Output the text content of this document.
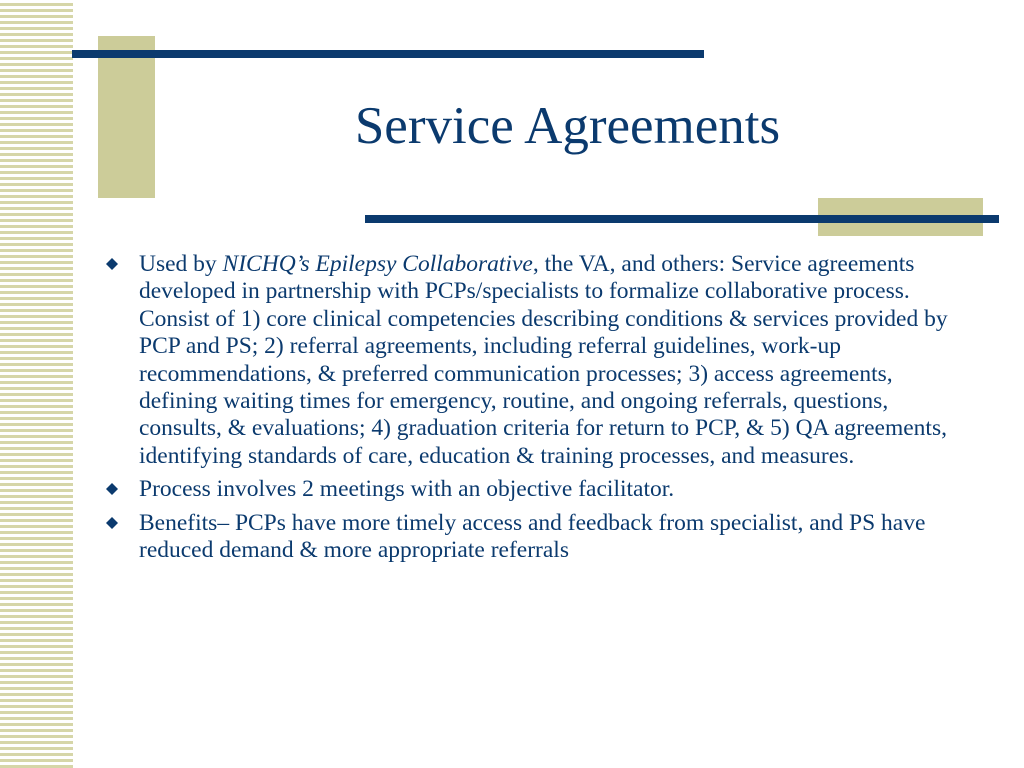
Service Agreements
Used by NICHQ’s Epilepsy Collaborative, the VA, and others: Service agreements developed in partnership with PCPs/specialists to formalize collaborative process. Consist of 1) core clinical competencies describing conditions & services provided by PCP and PS; 2) referral agreements, including referral guidelines, work-up recommendations, & preferred communication processes; 3) access agreements, defining waiting times for emergency, routine, and ongoing referrals, questions, consults, & evaluations; 4) graduation criteria for return to PCP, & 5) QA agreements, identifying standards of care, education & training processes, and measures.
Process involves 2 meetings with an objective facilitator.
Benefits– PCPs have more timely access and feedback from specialist, and PS have reduced demand & more appropriate referrals
